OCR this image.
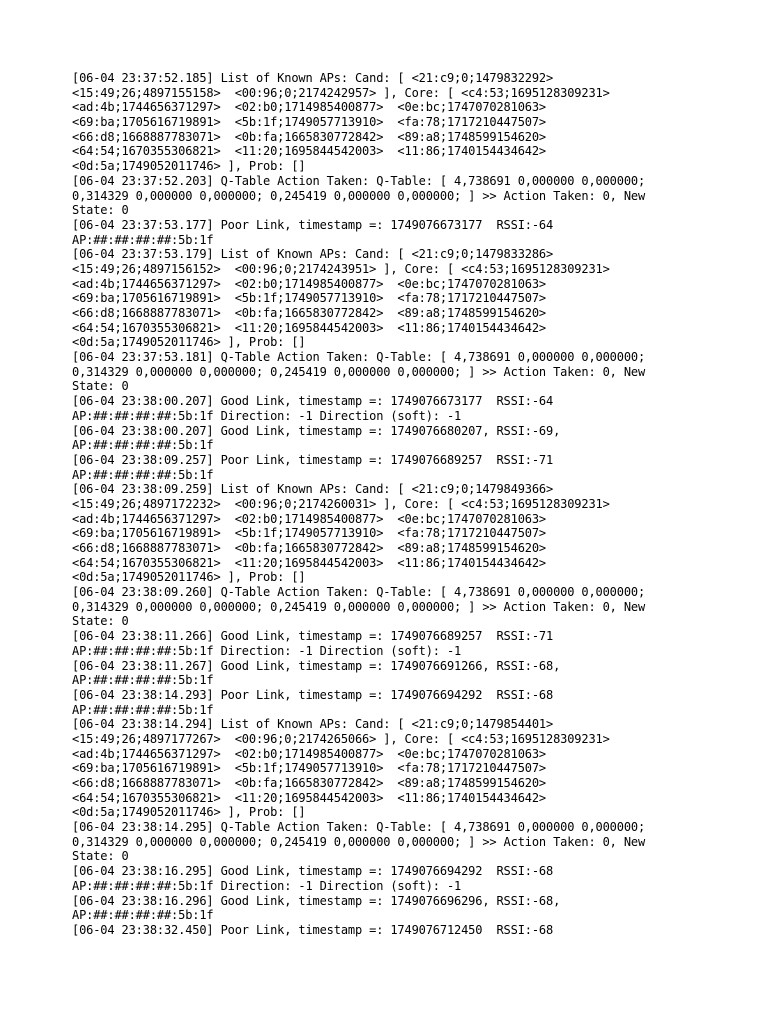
[06-04 23:37:52.185] List of Known APs: Cand: [ <21:c9;0;1479832292>
<15:49;26;4897155158>  <00:96;0;2174242957> ], Core: [ <c4:53;1695128309231>
<ad:4b;1744656371297>  <02:b0;1714985400877>  <0e:bc;1747070281063>
<69:ba;1705616719891>  <5b:1f;1749057713910>  <fa:78;1717210447507>
<66:d8;1668887783071>  <0b:fa;1665830772842>  <89:a8;1748599154620>
<64:54;1670355306821>  <11:20;1695844542003>  <11:86;1740154434642>
<0d:5a;1749052011746> ], Prob: []
[06-04 23:37:52.203] Q-Table Action Taken: Q-Table: [ 4,738691 0,000000 0,000000;
0,314329 0,000000 0,000000; 0,245419 0,000000 0,000000; ] >> Action Taken: 0, New
State: 0
[06-04 23:37:53.177] Poor Link, timestamp =: 1749076673177  RSSI:-64
AP:##:##:##:##:5b:1f
[06-04 23:37:53.179] List of Known APs: Cand: [ <21:c9;0;1479833286>
<15:49;26;4897156152>  <00:96;0;2174243951> ], Core: [ <c4:53;1695128309231>
<ad:4b;1744656371297>  <02:b0;1714985400877>  <0e:bc;1747070281063>
<69:ba;1705616719891>  <5b:1f;1749057713910>  <fa:78;1717210447507>
<66:d8;1668887783071>  <0b:fa;1665830772842>  <89:a8;1748599154620>
<64:54;1670355306821>  <11:20;1695844542003>  <11:86;1740154434642>
<0d:5a;1749052011746> ], Prob: []
[06-04 23:37:53.181] Q-Table Action Taken: Q-Table: [ 4,738691 0,000000 0,000000;
0,314329 0,000000 0,000000; 0,245419 0,000000 0,000000; ] >> Action Taken: 0, New
State: 0
[06-04 23:38:00.207] Good Link, timestamp =: 1749076673177  RSSI:-64
AP:##:##:##:##:5b:1f Direction: -1 Direction (soft): -1
[06-04 23:38:00.207] Good Link, timestamp =: 1749076680207, RSSI:-69,
AP:##:##:##:##:5b:1f
[06-04 23:38:09.257] Poor Link, timestamp =: 1749076689257  RSSI:-71
AP:##:##:##:##:5b:1f
[06-04 23:38:09.259] List of Known APs: Cand: [ <21:c9;0;1479849366>
<15:49;26;4897172232>  <00:96;0;2174260031> ], Core: [ <c4:53;1695128309231>
<ad:4b;1744656371297>  <02:b0;1714985400877>  <0e:bc;1747070281063>
<69:ba;1705616719891>  <5b:1f;1749057713910>  <fa:78;1717210447507>
<66:d8;1668887783071>  <0b:fa;1665830772842>  <89:a8;1748599154620>
<64:54;1670355306821>  <11:20;1695844542003>  <11:86;1740154434642>
<0d:5a;1749052011746> ], Prob: []
[06-04 23:38:09.260] Q-Table Action Taken: Q-Table: [ 4,738691 0,000000 0,000000;
0,314329 0,000000 0,000000; 0,245419 0,000000 0,000000; ] >> Action Taken: 0, New
State: 0
[06-04 23:38:11.266] Good Link, timestamp =: 1749076689257  RSSI:-71
AP:##:##:##:##:5b:1f Direction: -1 Direction (soft): -1
[06-04 23:38:11.267] Good Link, timestamp =: 1749076691266, RSSI:-68,
AP:##:##:##:##:5b:1f
[06-04 23:38:14.293] Poor Link, timestamp =: 1749076694292  RSSI:-68
AP:##:##:##:##:5b:1f
[06-04 23:38:14.294] List of Known APs: Cand: [ <21:c9;0;1479854401>
<15:49;26;4897177267>  <00:96;0;2174265066> ], Core: [ <c4:53;1695128309231>
<ad:4b;1744656371297>  <02:b0;1714985400877>  <0e:bc;1747070281063>
<69:ba;1705616719891>  <5b:1f;1749057713910>  <fa:78;1717210447507>
<66:d8;1668887783071>  <0b:fa;1665830772842>  <89:a8;1748599154620>
<64:54;1670355306821>  <11:20;1695844542003>  <11:86;1740154434642>
<0d:5a;1749052011746> ], Prob: []
[06-04 23:38:14.295] Q-Table Action Taken: Q-Table: [ 4,738691 0,000000 0,000000;
0,314329 0,000000 0,000000; 0,245419 0,000000 0,000000; ] >> Action Taken: 0, New
State: 0
[06-04 23:38:16.295] Good Link, timestamp =: 1749076694292  RSSI:-68
AP:##:##:##:##:5b:1f Direction: -1 Direction (soft): -1
[06-04 23:38:16.296] Good Link, timestamp =: 1749076696296, RSSI:-68,
AP:##:##:##:##:5b:1f
[06-04 23:38:32.450] Poor Link, timestamp =: 1749076712450  RSSI:-68
